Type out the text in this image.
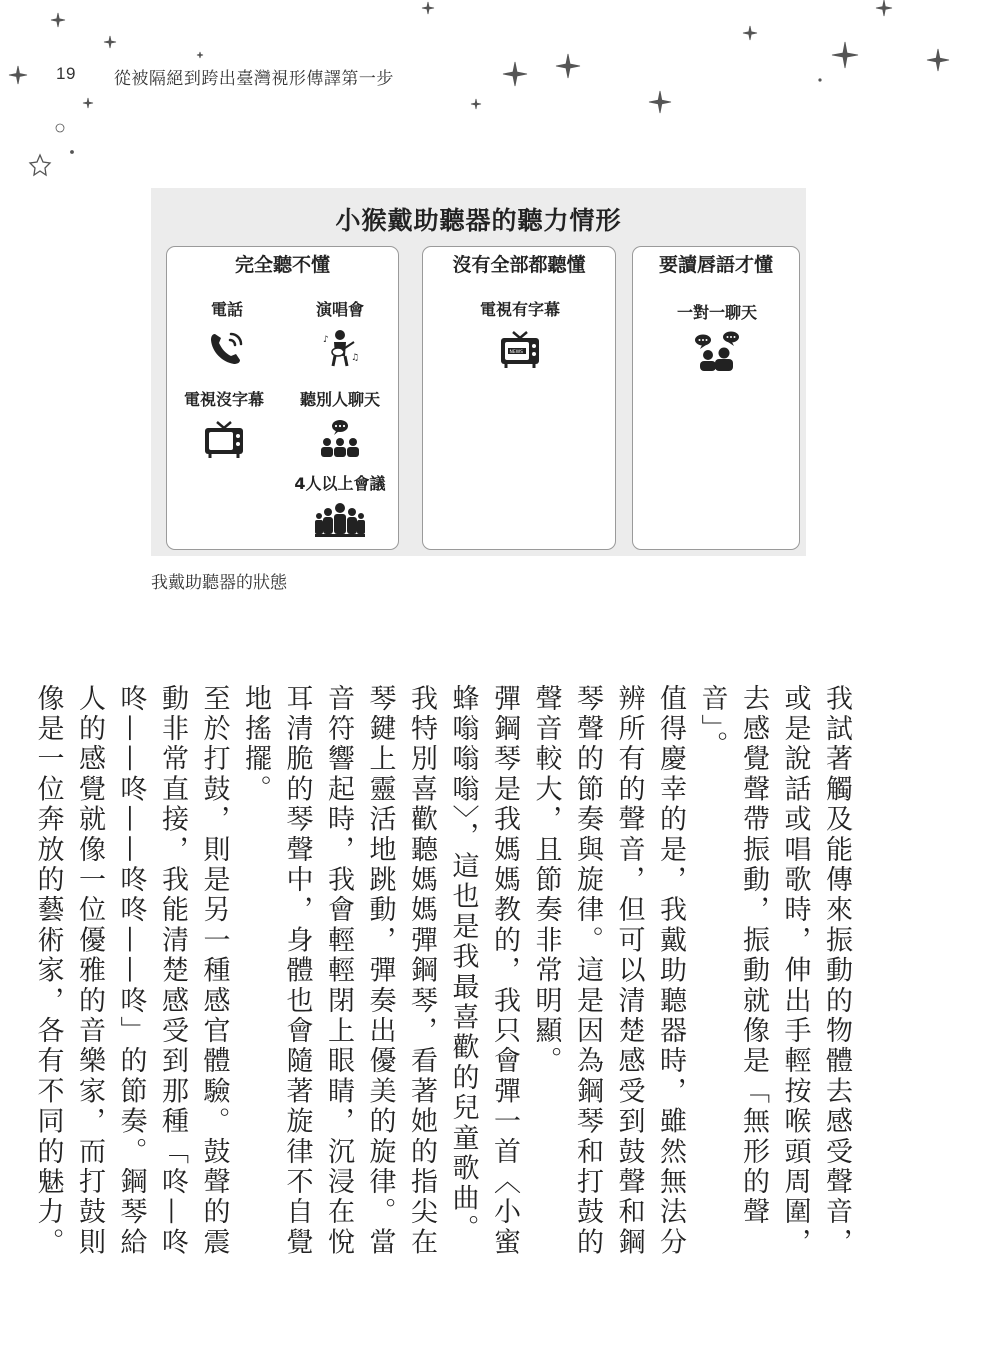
19 從被隔絕到跨出臺灣視形傳譯第一步
小猴戴助聽器的聽力情形
完全聽不懂
電話	演唱會
♪
♫
電視沒字幕	聽別人聊天
4人以上會議
沒有全部都聽懂
電視有字幕
NEWS
要讀唇語才懂
一對一聊天
我戴助聽器的狀態

我試著觸及能傳來振動的物體去感受聲音，或是說話或唱歌時，伸出手輕按喉頭周圍，去感覺聲帶振動，振動就像是「無形的聲音」。

值得慶幸的是，我戴助聽器時，雖然無法分辨所有的聲音，但可以清楚感受到鼓聲和鋼琴聲的節奏與旋律。這是因為鋼琴和打鼓的聲音較大，且節奏非常明顯。

彈鋼琴是我媽媽教的，我只會彈一首〈小蜜蜂嗡嗡嗡〉，這也是我最喜歡的兒童歌曲。我特別喜歡聽媽媽彈鋼琴，看著她的指尖在琴鍵上靈活地跳動，彈奏出優美的旋律。當音符響起時，我會輕輕閉上眼睛，沉浸在悅耳清脆的琴聲中，身體也會隨著旋律不自覺地搖擺。

至於打鼓，則是另一種感官體驗。鼓聲的震動非常直接，我能清楚感受到那種「咚—咚咚——咚——咚咚——咚」的節奏。鋼琴給人的感覺就像一位優雅的音樂家，而打鼓則像是一位奔放的藝術家，各有不同的魅力。
